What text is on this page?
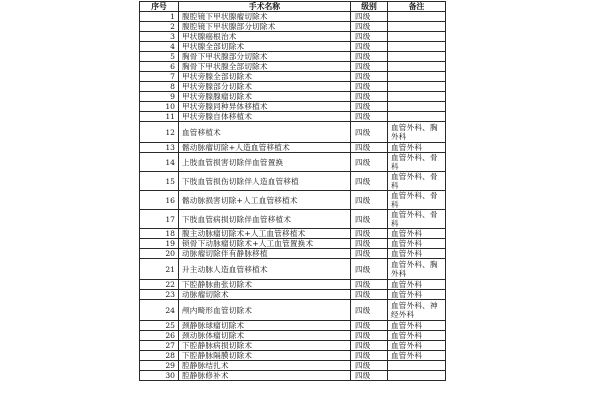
序号	手术名称	级别	备注
1	腹腔镜下甲状腺瘤切除术	四级	
2	腹腔镜下甲状腺部分切除术	四级	
3	甲状腺癌根治术	四级	
4	甲状腺全部切除术	四级	
5	胸骨下甲状腺部分切除术	四级	
6	胸骨下甲状腺全部切除术	四级	
7	甲状旁腺全部切除术	四级	
8	甲状旁腺部分切除术	四级	
9	甲状旁腺腺瘤切除术	四级	
10	甲状旁腺同种异体移植术	四级	
11	甲状旁腺自体移植术	四级	
12	血管移植术	四级	血管外科、胸外科
13	髂动脉瘤切除+人造血管移植术	四级	血管外科
14	上肢血管损害切除伴血管置换	四级	血管外科、骨科
15	下肢血管损伤切除伴人造血管移植	四级	血管外科、骨科
16	髂动脉损害切除+人工血管移植术	四级	血管外科、骨科
17	下肢血管病损切除伴血管移植术	四级	血管外科、骨科
18	腹主动脉瘤切除术+人工血管移植术	四级	血管外科
19	锁骨下动脉瘤切除术+人工血管置换术	四级	血管外科
20	动脉瘤切除伴有静脉移植	四级	血管外科
21	升主动脉人造血管移植术	四级	血管外科、胸外科
22	下腔静脉曲张切除术	四级	血管外科
23	动脉瘤切除术	四级	血管外科
24	颅内畸形血管切除术	四级	血管外科、神经外科
25	颈静脉球瘤切除术	四级	血管外科
26	颈动脉体瘤切除术	四级	血管外科
27	下腔静脉病损切除术	四级	血管外科
28	下腔静脉隔膜切除术	四级	血管外科
29	腔静脉结扎术	四级	
30	腔静脉修补术	四级	
